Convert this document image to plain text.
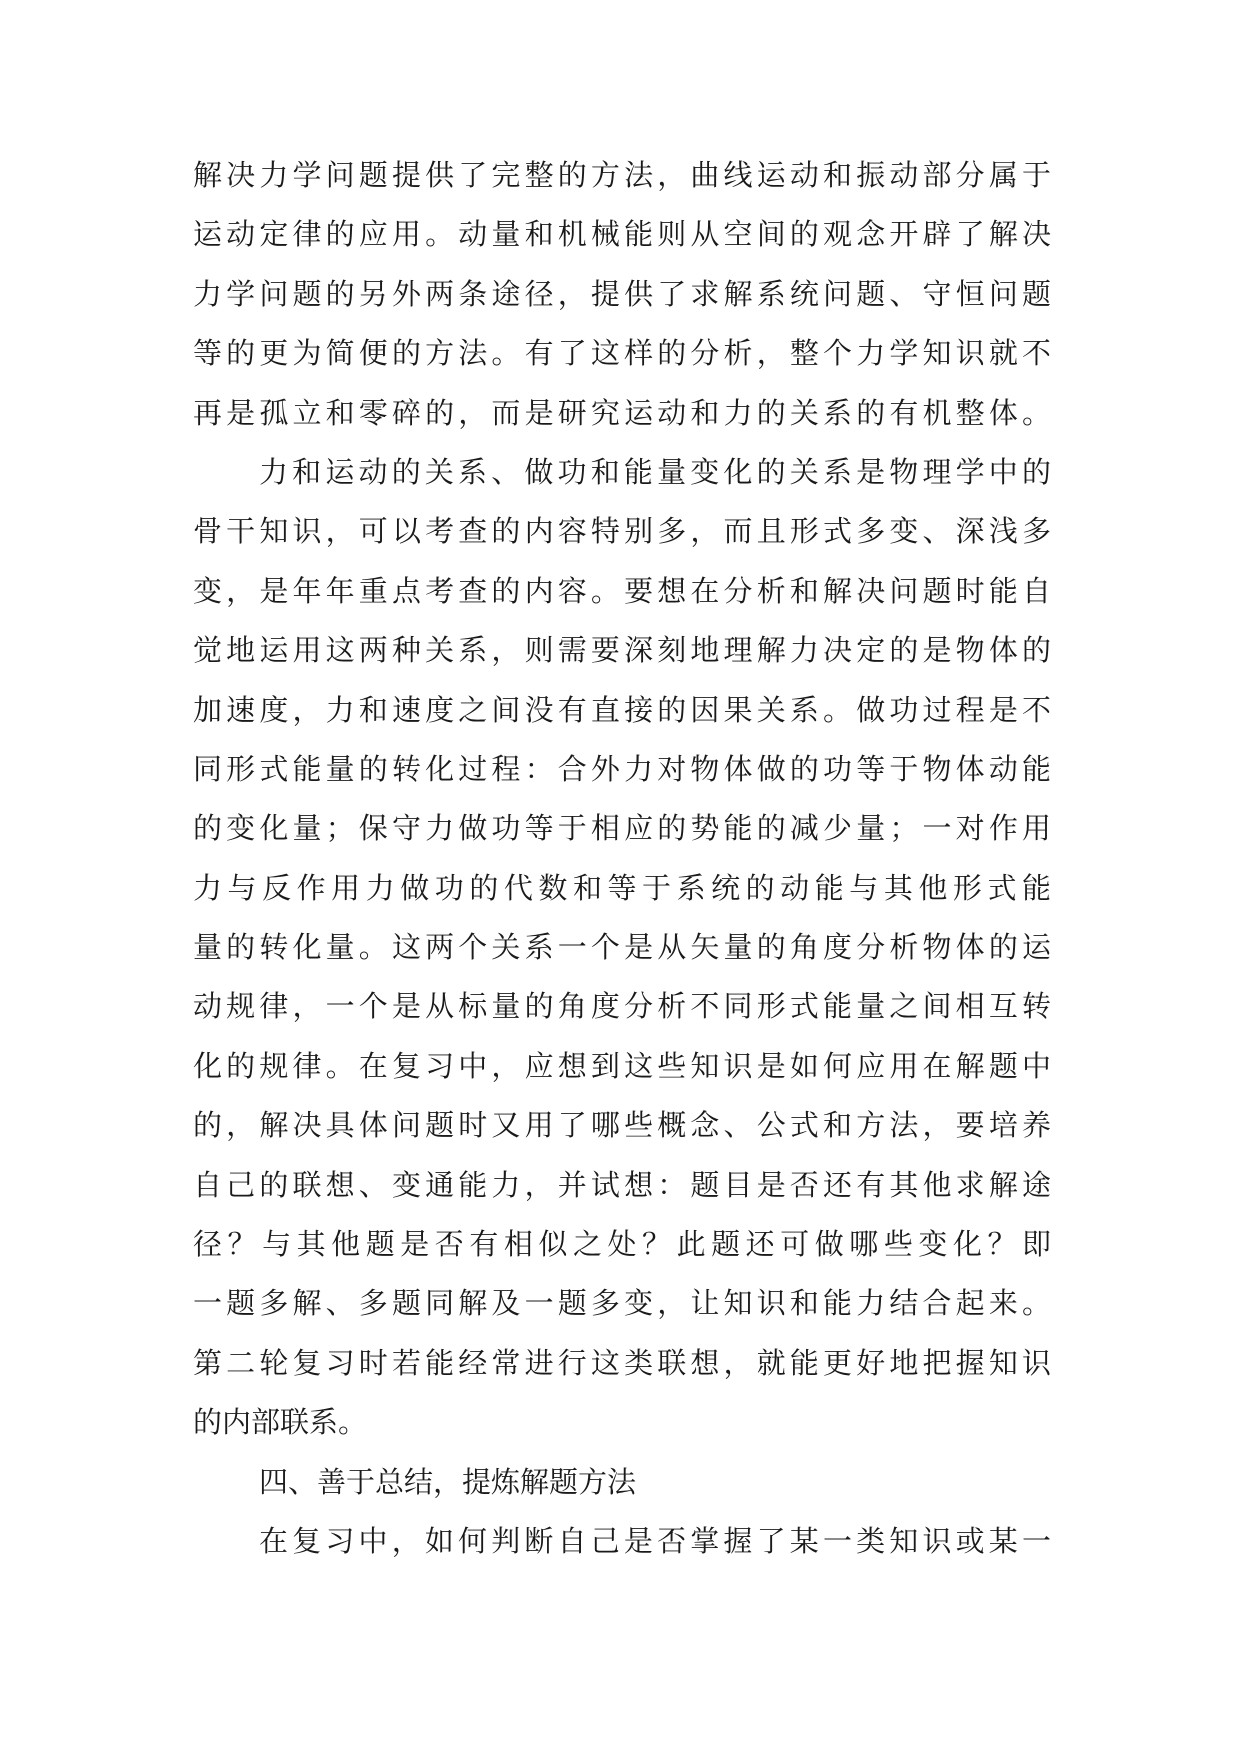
解决力学问题提供了完整的方法，曲线运动和振动部分属于
运动定律的应用。动量和机械能则从空间的观念开辟了解决
力学问题的另外两条途径，提供了求解系统问题、守恒问题
等的更为简便的方法。有了这样的分析，整个力学知识就不
再是孤立和零碎的，而是研究运动和力的关系的有机整体。
力和运动的关系、做功和能量变化的关系是物理学中的
骨干知识，可以考查的内容特别多，而且形式多变、深浅多
变，是年年重点考查的内容。要想在分析和解决问题时能自
觉地运用这两种关系，则需要深刻地理解力决定的是物体的
加速度，力和速度之间没有直接的因果关系。做功过程是不
同形式能量的转化过程：合外力对物体做的功等于物体动能
的变化量；保守力做功等于相应的势能的减少量；一对作用
力与反作用力做功的代数和等于系统的动能与其他形式能
量的转化量。这两个关系一个是从矢量的角度分析物体的运
动规律，一个是从标量的角度分析不同形式能量之间相互转
化的规律。在复习中，应想到这些知识是如何应用在解题中
的，解决具体问题时又用了哪些概念、公式和方法，要培养
自己的联想、变通能力，并试想：题目是否还有其他求解途
径？与其他题是否有相似之处？此题还可做哪些变化？即
一题多解、多题同解及一题多变，让知识和能力结合起来。
第二轮复习时若能经常进行这类联想，就能更好地把握知识
的内部联系。
四、善于总结，提炼解题方法
在复习中，如何判断自己是否掌握了某一类知识或某一
